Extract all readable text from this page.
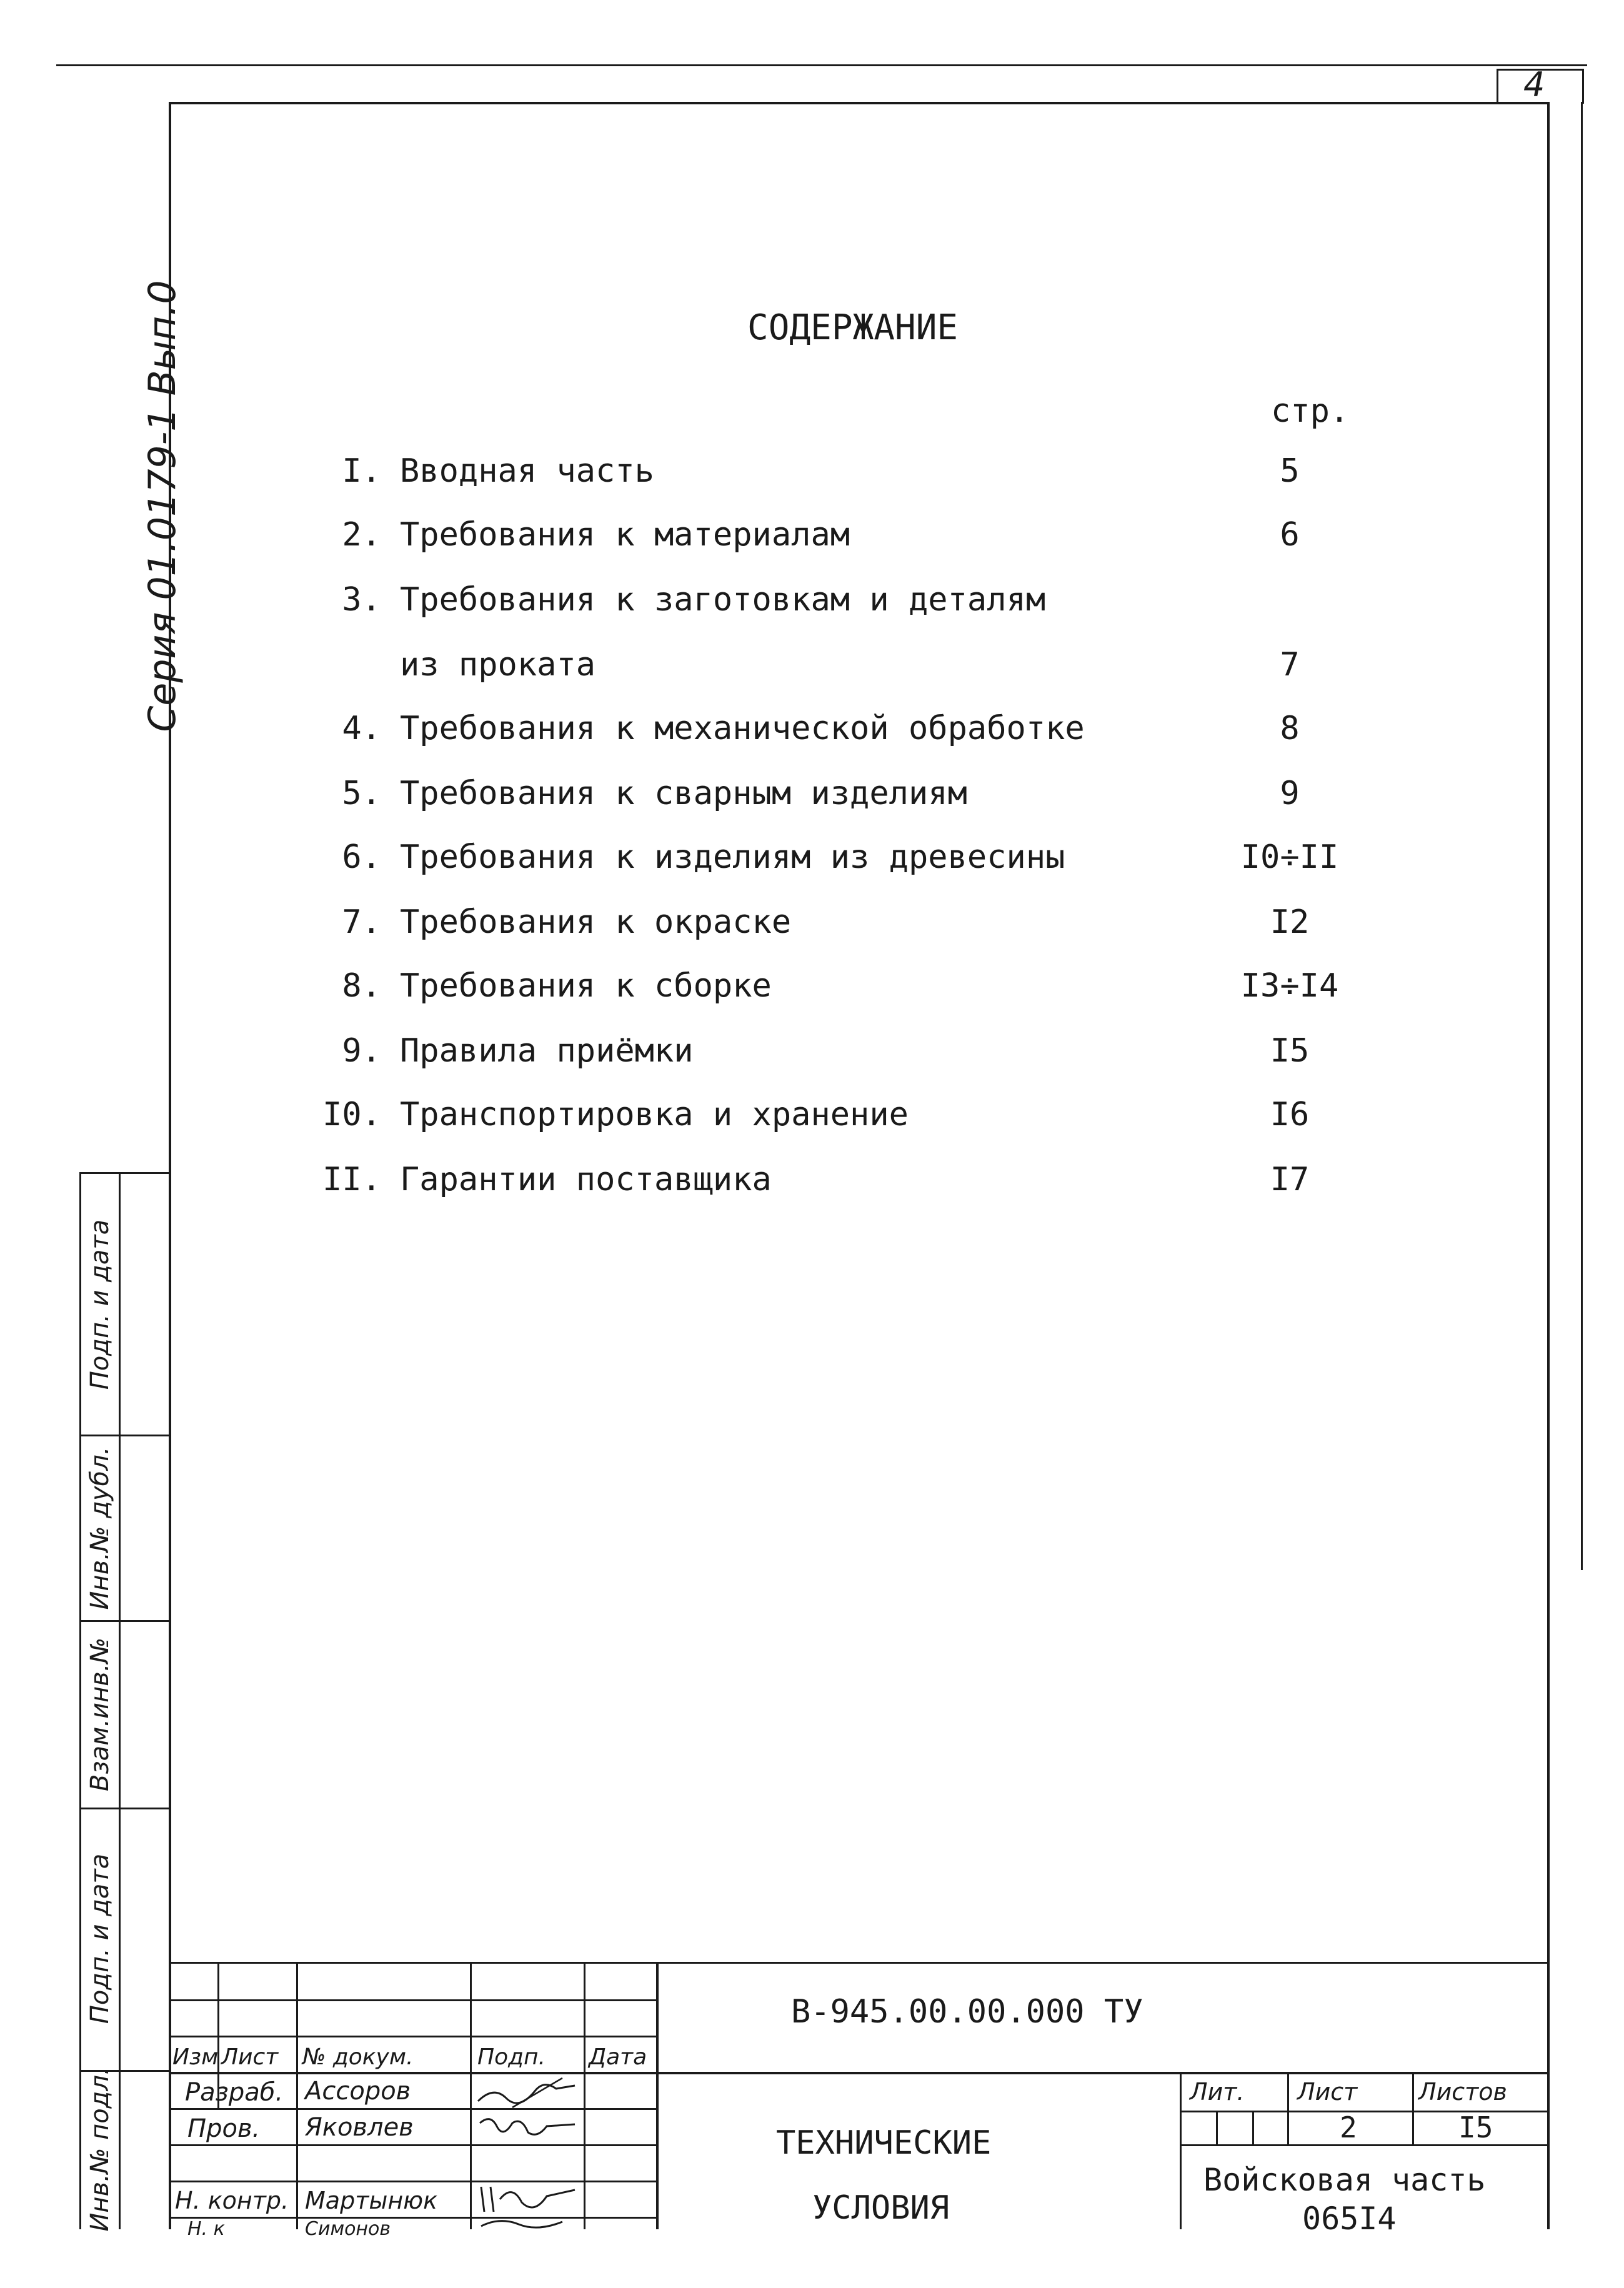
4
Серия 01.0179-1 Вып.0
Подп. и дата
Инв.№ дубл.
Взам.инв.№
Подп. и дата
Инв.№ подл.
СОДЕРЖАНИЕ
стр.
I. Вводная часть	5
2. Требования к материалам	6
3. Требования к заготовкам и деталям
из проката	7
4. Требования к механической обработке	8
5. Требования к сварным изделиям	9
6. Требования к изделиям из древесины	I0÷II
7. Требования к окраске	I2
8. Требования к сборке	I3÷I4
9. Правила приёмки	I5
I0. Транспортировка и хранение	I6
II. Гарантии поставщика	I7
В-945.00.00.000 ТУ
Изм Лист № докум.	Подп. Дата
Разраб. Ассоров
Пров. Яковлев
Н. контр. Мартынюк
Н. к	Симонов
ТЕХНИЧЕСКИЕ
УСЛОВИЯ
Лит. Лист	Листов
2	I5
Войсковая часть
065I4
